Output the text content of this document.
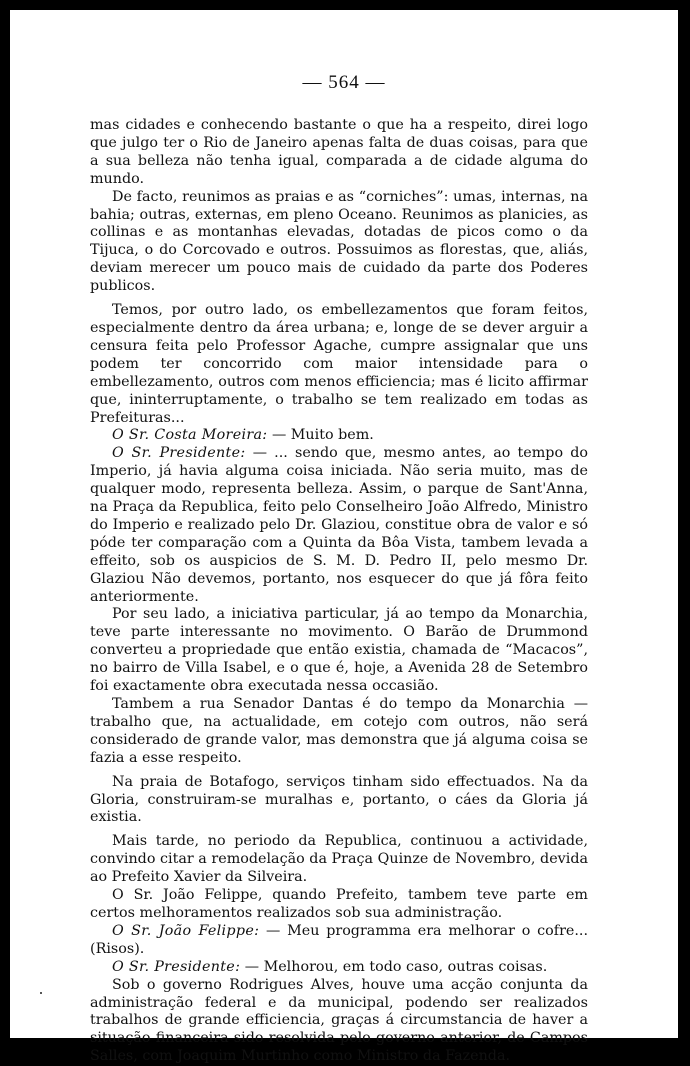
— 564 —

mas cidades e conhecendo bastante o que ha a respeito, direi logo que julgo ter o Rio de Janeiro apenas falta de duas coisas, para que a sua belleza não tenha igual, comparada a de cidade alguma do mundo.

De facto, reunimos as praias e as “corniches”: umas, internas, na bahia; outras, externas, em pleno Oceano. Reunimos as planicies, as collinas e as montanhas elevadas, dotadas de picos como o da Tijuca, o do Corcovado e outros. Possuimos as florestas, que, aliás, deviam merecer um pouco mais de cuidado da parte dos Poderes publicos.

Temos, por outro lado, os embellezamentos que foram feitos, especialmente dentro da área urbana; e, longe de se dever arguir a censura feita pelo Professor Agache, cumpre assignalar que uns podem ter concorrido com maior intensidade para o embellezamento, outros com menos efficiencia; mas é licito affirmar que, ininterruptamente, o trabalho se tem realizado em todas as Prefeituras...

O Sr. Costa Moreira: — Muito bem.

O Sr. Presidente: — ... sendo que, mesmo antes, ao tempo do Imperio, já havia alguma coisa iniciada. Não seria muito, mas de qualquer modo, representa belleza. Assim, o parque de Sant'Anna, na Praça da Republica, feito pelo Conselheiro João Alfredo, Ministro do Imperio e realizado pelo Dr. Glaziou, constitue obra de valor e só póde ter comparação com a Quinta da Bôa Vista, tambem levada a effeito, sob os auspicios de S. M. D. Pedro II, pelo mesmo Dr. Glaziou Não devemos, portanto, nos esquecer do que já fôra feito anteriormente.

Por seu lado, a iniciativa particular, já ao tempo da Monarchia, teve parte interessante no movimento. O Barão de Drummond converteu a propriedade que então existia, chamada de “Macacos”, no bairro de Villa Isabel, e o que é, hoje, a Avenida 28 de Setembro foi exactamente obra executada nessa occasião.

Tambem a rua Senador Dantas é do tempo da Monarchia — trabalho que, na actualidade, em cotejo com outros, não será considerado de grande valor, mas demonstra que já alguma coisa se fazia a esse respeito.

Na praia de Botafogo, serviços tinham sido effectuados. Na da Gloria, construiram-se muralhas e, portanto, o cáes da Gloria já existia.

Mais tarde, no periodo da Republica, continuou a actividade, convindo citar a remodelação da Praça Quinze de Novembro, devida ao Prefeito Xavier da Silveira.

O Sr. João Felippe, quando Prefeito, tambem teve parte em certos melhoramentos realizados sob sua administração.

O Sr. João Felippe: — Meu programma era melhorar o cofre... (Risos).

O Sr. Presidente: — Melhorou, em todo caso, outras coisas.

Sob o governo Rodrigues Alves, houve uma acção conjunta da administração federal e da municipal, podendo ser realizados trabalhos de grande efficiencia, graças á circumstancia de haver a situação financeira sido resolvida pelo governo anterior, de Campos Salles, com Joaquim Murtinho como Ministro da Fazenda.
